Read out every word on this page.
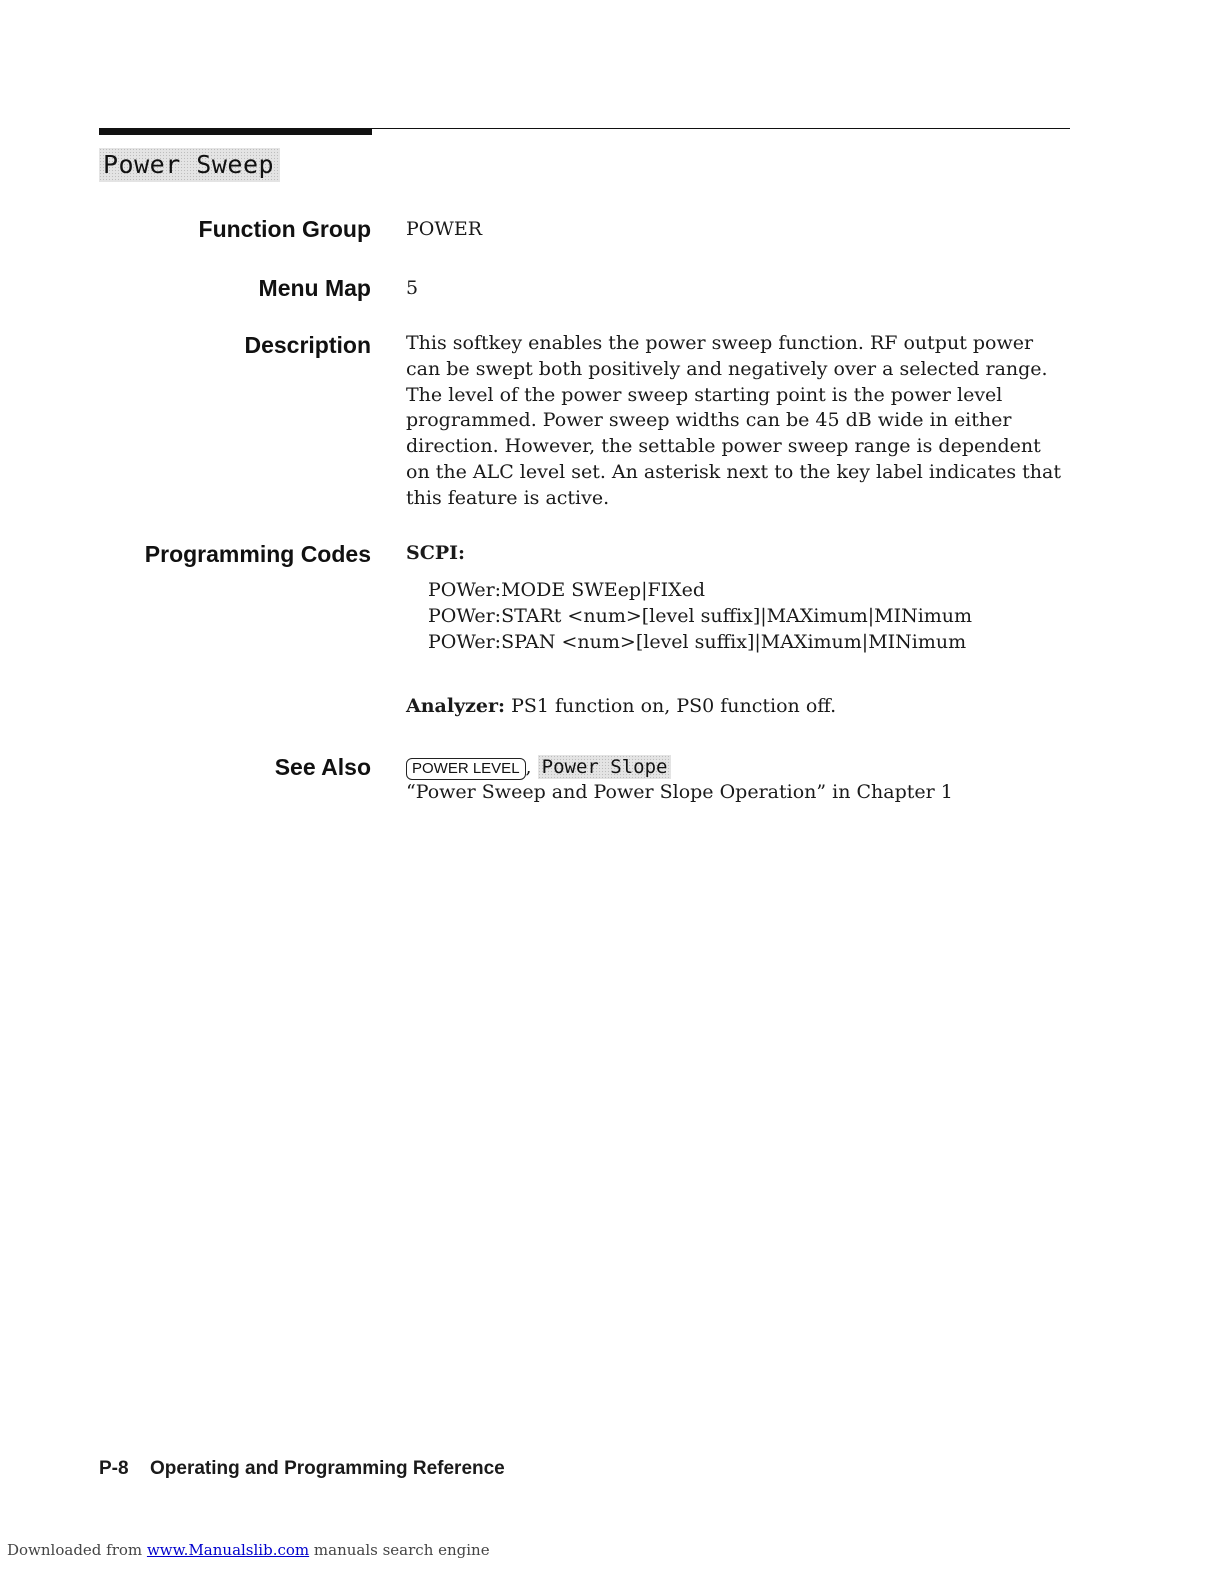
Power Sweep
Function Group POWER
Menu Map 5
Description This softkey enables the power sweep function. RF output power can be swept both positively and negatively over a selected range. The level of the power sweep starting point is the power level programmed. Power sweep widths can be 45 dB wide in either direction. However, the settable power sweep range is dependent on the ALC level set. An asterisk next to the key label indicates that this feature is active.

Programming Codes SCPI:
POWer:MODE SWEep|FIXed
POWer:STARt <num>[level suffix]|MAXimum|MINimum
POWer:SPAN <num>[level suffix]|MAXimum|MINimum
Analyzer: PS1 function on, PS0 function off.
See Also	POWER LEVEL , Power Slope
“Power Sweep and Power Slope Operation” in Chapter 1
P-8 Operating and Programming Reference
Downloaded from www.Manualslib.com manuals search engine
